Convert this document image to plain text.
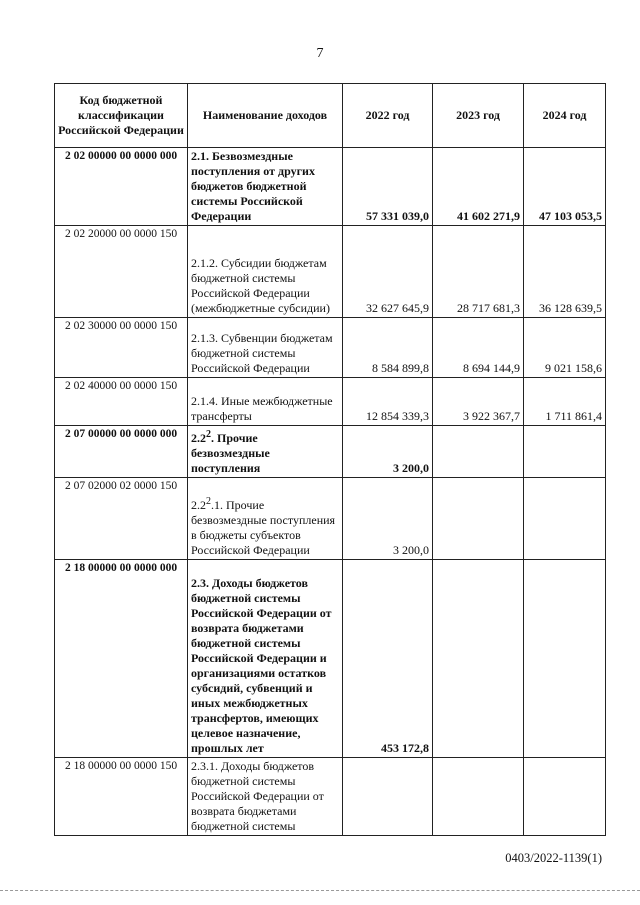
7
Код бюджетной классификации Российской Федерации	Наименование доходов	2022 год	2023 год	2024 год
2 02 00000 00 0000 000	2.1. Безвозмездные поступления от других бюджетов бюджетной системы Российской Федерации	57 331 039,0	41 602 271,9	47 103 053,5
2 02 20000 00 0000 150	2.1.2. Субсидии бюджетам бюджетной системы Российской Федерации (межбюджетные субсидии)	32 627 645,9	28 717 681,3	36 128 639,5
2 02 30000 00 0000 150	2.1.3. Субвенции бюджетам бюджетной системы Российской Федерации	8 584 899,8	8 694 144,9	9 021 158,6
2 02 40000 00 0000 150	2.1.4. Иные межбюджетные трансферты	12 854 339,3	3 922 367,7	1 711 861,4
2 07 00000 00 0000 000	$2.2^2$. Прочие безвозмездные поступления	3 200,0		
2 07 02000 02 0000 150	$2.2^2.1$. Прочие безвозмездные поступления в бюджеты субъектов Российской Федерации	3 200,0		
2 18 00000 00 0000 000	2.3. Доходы бюджетов бюджетной системы Российской Федерации от возврата бюджетами бюджетной системы Российской Федерации и организациями остатков субсидий, субвенций и иных межбюджетных трансфертов, имеющих целевое назначение, прошлых лет	453 172,8		
2 18 00000 00 0000 150	2.3.1. Доходы бюджетов бюджетной системы Российской Федерации от возврата бюджетами бюджетной системы			
0403/2022-1139(1)
